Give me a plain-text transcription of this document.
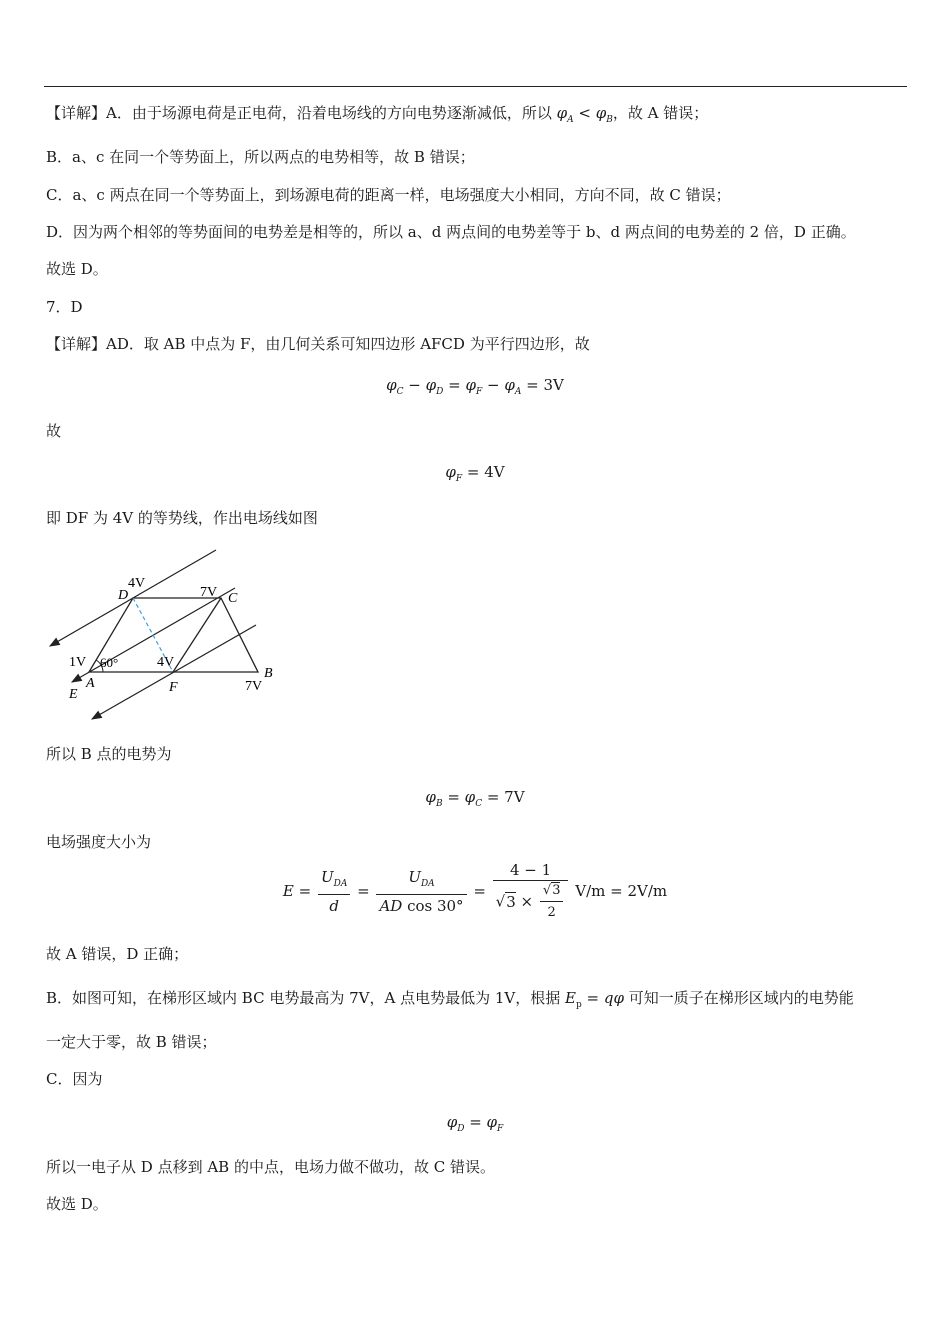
【详解】A．由于场源电荷是正电荷，沿着电场线的方向电势逐渐减低，所以 $\varphi_A < \varphi_B$，故 A 错误；
B．a、c 在同一个等势面上，所以两点的电势相等，故 B 错误；
C．a、c 两点在同一个等势面上，到场源电荷的距离一样，电场强度大小相同，方向不同，故 C 错误；
D．因为两个相邻的等势面间的电势差是相等的，所以 a、d 两点间的电势差等于 b、d 两点间的电势差的 2 倍，D 正确。
故选 D。
7．D
【详解】AD．取 AB 中点为 F，由几何关系可知四边形 AFCD 为平行四边形，故
$\varphi_C - \varphi_D = \varphi_F - \varphi_A = 3V$
故
$\varphi_F = 4V$
即 DF 为 4V 的等势线，作出电场线如图
4V
D	7V C
1V 60°	4V
A	F
B
7V
E
所以 B 点的电势为
$\varphi_B = \varphi_C = 7V$
电场强度大小为
$E = \frac{U_{DA}}{d} = \frac{U_{DA}}{\text{AD cos 30°}} = \frac{4 - 1}{√3 \times \frac{√3}{2}} V/m = 2V/m$
故 A 错误，D 正确；
B．如图可知，在梯形区域内 BC 电势最高为 7V，A 点电势最低为 1V，根据 $E_p = q\varphi$ 可知一质子在梯形区域内的电势能
一定大于零，故 B 错误；
C．因为
$\varphi_D = \varphi_F$
所以一电子从 D 点移到 AB 的中点，电场力做不做功，故 C 错误。
故选 D。
